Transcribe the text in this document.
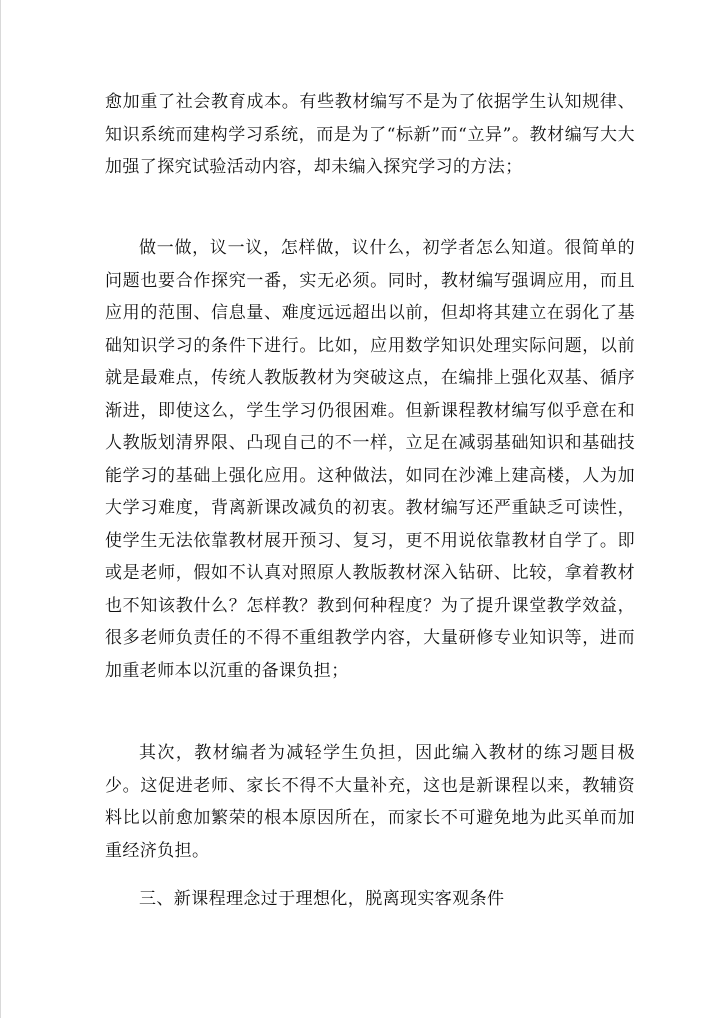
愈加重了社会教育成本。有些教材编写不是为了依据学生认知规律、知识系统而建构学习系统，而是为了“标新”而“立异”。教材编写大大加强了探究试验活动内容，却未编入探究学习的方法；

做一做，议一议，怎样做，议什么，初学者怎么知道。很简单的问题也要合作探究一番，实无必须。同时，教材编写强调应用，而且应用的范围、信息量、难度远远超出以前，但却将其建立在弱化了基础知识学习的条件下进行。比如，应用数学知识处理实际问题，以前就是最难点，传统人教版教材为突破这点，在编排上强化双基、循序渐进，即使这么，学生学习仍很困难。但新课程教材编写似乎意在和人教版划清界限、凸现自己的不一样，立足在减弱基础知识和基础技能学习的基础上强化应用。这种做法，如同在沙滩上建高楼，人为加大学习难度，背离新课改减负的初衷。教材编写还严重缺乏可读性，使学生无法依靠教材展开预习、复习，更不用说依靠教材自学了。即或是老师，假如不认真对照原人教版教材深入钻研、比较，拿着教材也不知该教什么？怎样教？教到何种程度？为了提升课堂教学效益，很多老师负责任的不得不重组教学内容，大量研修专业知识等，进而加重老师本以沉重的备课负担；

其次，教材编者为减轻学生负担，因此编入教材的练习题目极少。这促进老师、家长不得不大量补充，这也是新课程以来，教辅资料比以前愈加繁荣的根本原因所在，而家长不可避免地为此买单而加重经济负担。

三、新课程理念过于理想化，脱离现实客观条件
